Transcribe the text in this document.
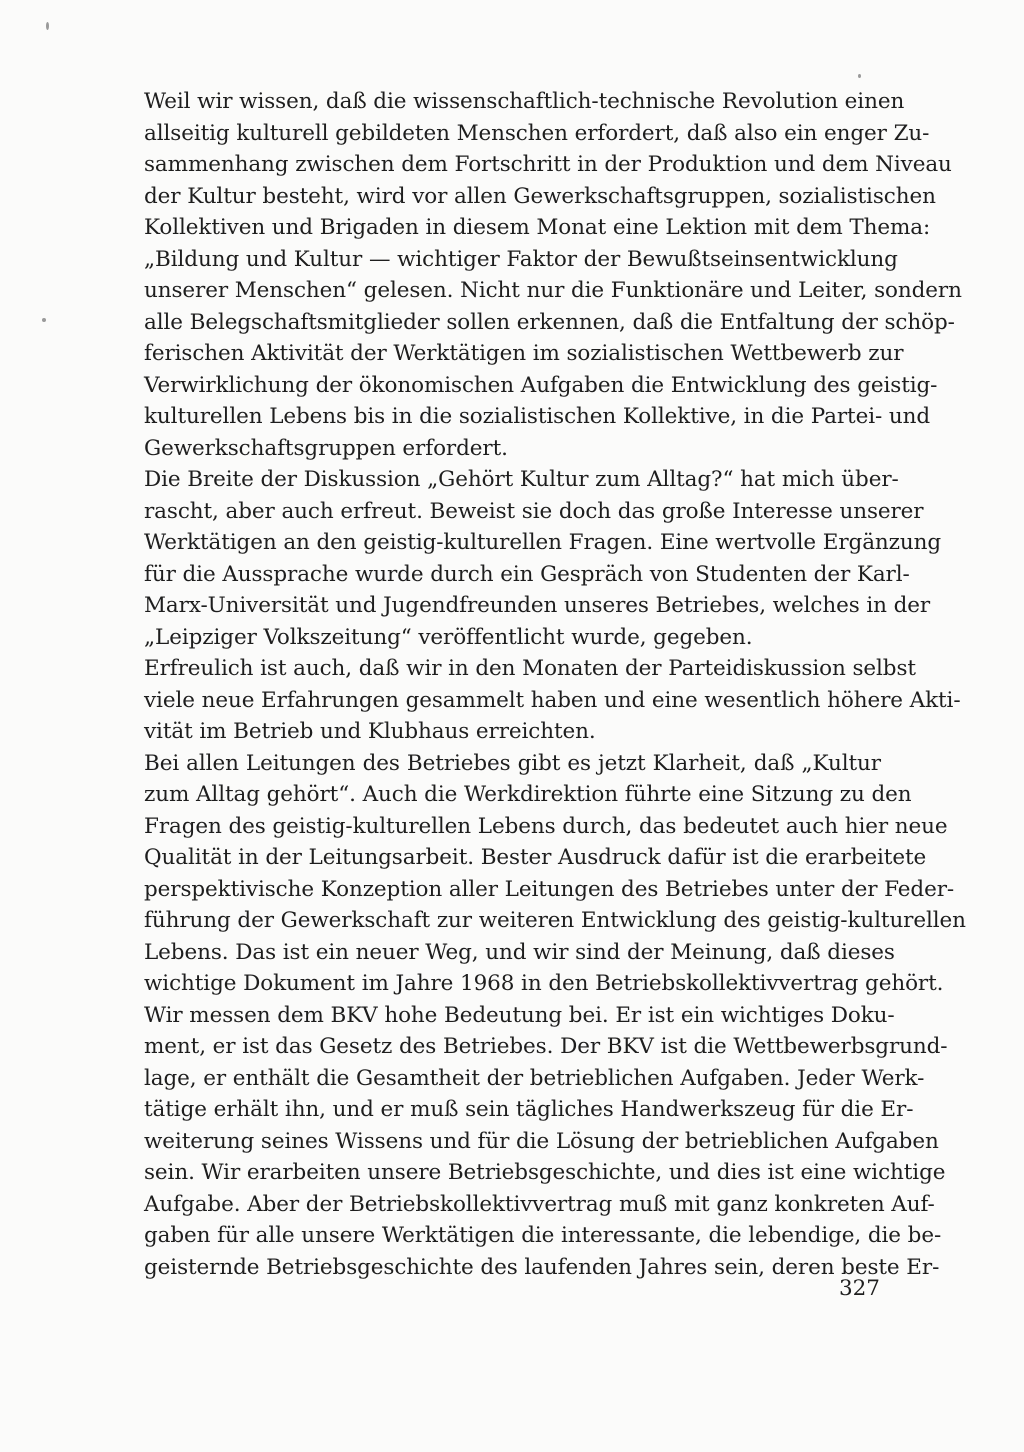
Weil wir wissen, daß die wissenschaftlich-technische Revolution einen
allseitig kulturell gebildeten Menschen erfordert, daß also ein enger Zu-
sammenhang zwischen dem Fortschritt in der Produktion und dem Niveau
der Kultur besteht, wird vor allen Gewerkschaftsgruppen, sozialistischen
Kollektiven und Brigaden in diesem Monat eine Lektion mit dem Thema:
„Bildung und Kultur — wichtiger Faktor der Bewußtseinsentwicklung
unserer Menschen“ gelesen. Nicht nur die Funktionäre und Leiter, sondern
alle Belegschaftsmitglieder sollen erkennen, daß die Entfaltung der schöp-
ferischen Aktivität der Werktätigen im sozialistischen Wettbewerb zur
Verwirklichung der ökonomischen Aufgaben die Entwicklung des geistig-
kulturellen Lebens bis in die sozialistischen Kollektive, in die Partei- und
Gewerkschaftsgruppen erfordert.

Die Breite der Diskussion „Gehört Kultur zum Alltag?“ hat mich über-
rascht, aber auch erfreut. Beweist sie doch das große Interesse unserer
Werktätigen an den geistig-kulturellen Fragen. Eine wertvolle Ergänzung
für die Aussprache wurde durch ein Gespräch von Studenten der Karl-
Marx-Universität und Jugendfreunden unseres Betriebes, welches in der
„Leipziger Volkszeitung“ veröffentlicht wurde, gegeben.

Erfreulich ist auch, daß wir in den Monaten der Parteidiskussion selbst
viele neue Erfahrungen gesammelt haben und eine wesentlich höhere Akti-
vität im Betrieb und Klubhaus erreichten.

Bei allen Leitungen des Betriebes gibt es jetzt Klarheit, daß „Kultur
zum Alltag gehört“. Auch die Werkdirektion führte eine Sitzung zu den
Fragen des geistig-kulturellen Lebens durch, das bedeutet auch hier neue
Qualität in der Leitungsarbeit. Bester Ausdruck dafür ist die erarbeitete
perspektivische Konzeption aller Leitungen des Betriebes unter der Feder-
führung der Gewerkschaft zur weiteren Entwicklung des geistig-kulturellen
Lebens. Das ist ein neuer Weg, und wir sind der Meinung, daß dieses
wichtige Dokument im Jahre 1968 in den Betriebskollektivvertrag gehört.
Wir messen dem BKV hohe Bedeutung bei. Er ist ein wichtiges Doku-
ment, er ist das Gesetz des Betriebes. Der BKV ist die Wettbewerbsgrund-
lage, er enthält die Gesamtheit der betrieblichen Aufgaben. Jeder Werk-
tätige erhält ihn, und er muß sein tägliches Handwerkszeug für die Er-
weiterung seines Wissens und für die Lösung der betrieblichen Aufgaben
sein. Wir erarbeiten unsere Betriebsgeschichte, und dies ist eine wichtige
Aufgabe. Aber der Betriebskollektivvertrag muß mit ganz konkreten Auf-
gaben für alle unsere Werktätigen die interessante, die lebendige, die be-
geisternde Betriebsgeschichte des laufenden Jahres sein, deren beste Er-

327
